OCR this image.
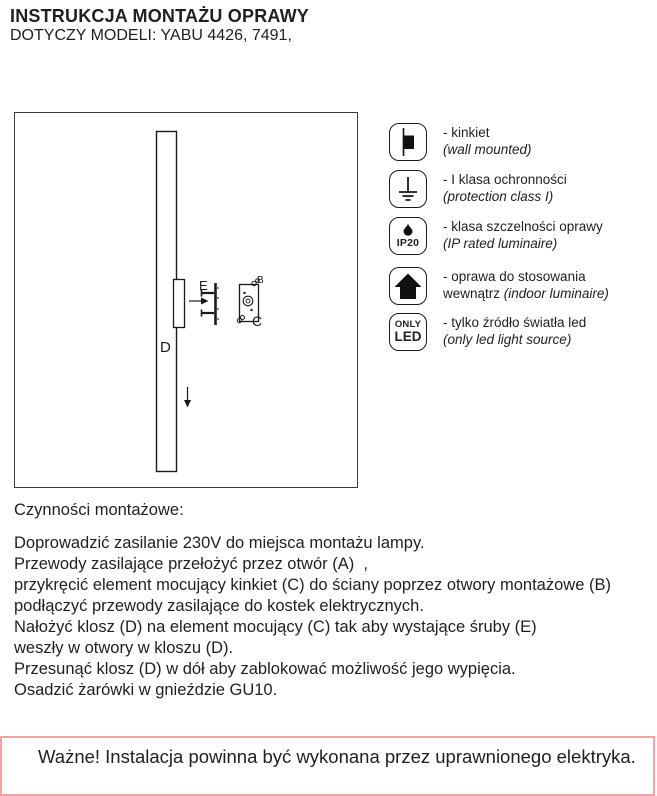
INSTRUKCJA MONTAŻU OPRAWY
DOTYCZY MODELI: YABU 4426, 7491,
D
E	B
C
- kinkiet
(wall mounted)
- I klasa ochronności
(protection class I)
IP20
- klasa szczelności oprawy
(IP rated luminaire)
- oprawa do stosowania wewnątrz (indoor luminaire)
ONLY
LED
- tylko źródło światła led
(only led light source)
Czynności montażowe:
Doprowadzić zasilanie 230V do miejsca montażu lampy.
Przewody zasilające przełożyć przez otwór (A)  ,
przykręcić element mocujący kinkiet (C) do ściany poprzez otwory montażowe (B)
podłączyć przewody zasilające do kostek elektrycznych.
Nałożyć klosz (D) na element mocujący (C) tak aby wystające śruby (E)
weszły w otwory w kloszu (D).
Przesunąć klosz (D) w dół aby zablokować możliwość jego wypięcia.
Osadzić żarówki w gnieździe GU10.
Ważne! Instalacja powinna być wykonana przez uprawnionego elektryka.
